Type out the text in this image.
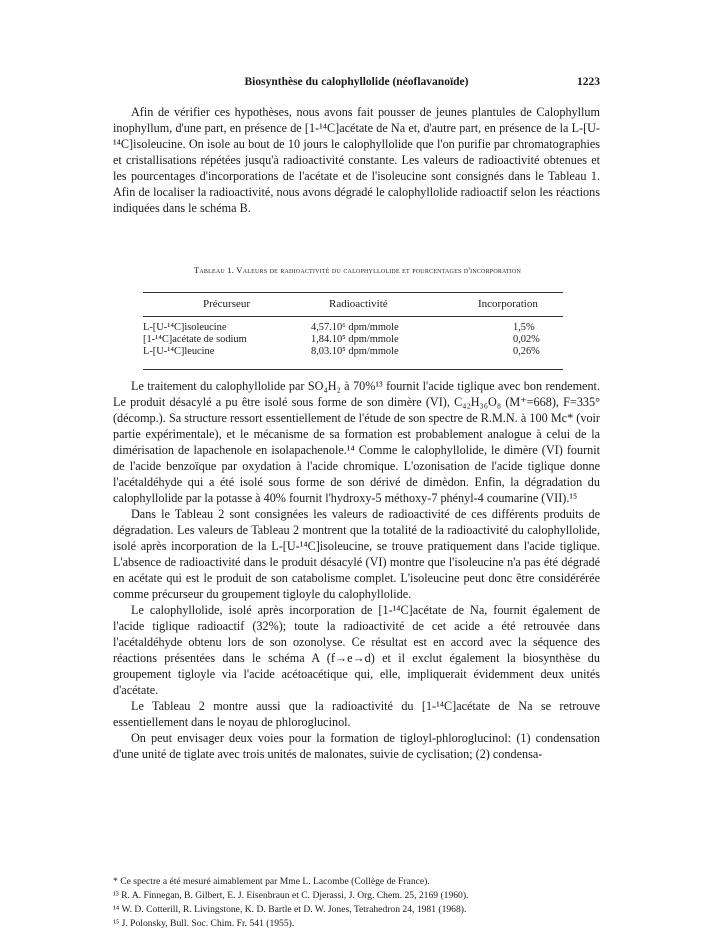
Biosynthèse du calophyllolide (néoflavanoïde)	1223

Afin de vérifier ces hypothèses, nous avons fait pousser de jeunes plantules de Calophyllum inophyllum, d'une part, en présence de [1-¹⁴C]acétate de Na et, d'autre part, en présence de la L-[U-¹⁴C]isoleucine. On isole au bout de 10 jours le calophyllolide que l'on purifie par chromatographies et cristallisations répétées jusqu'à radioactivité constante. Les valeurs de radioactivité obtenues et les pourcentages d'incorporations de l'acétate et de l'isoleucine sont consignés dans le Tableau 1. Afin de localiser la radioactivité, nous avons dégradé le calophyllolide radioactif selon les réactions indiquées dans le schéma B.

Tableau 1. Valeurs de radioactivité du calophyllolide et pourcentages d'incorporation
Précurseur	Radioactivité	Incorporation
L-[U-¹⁴C]isoleucine	4,57.10⁶ dpm/mmole	1,5%
[1-¹⁴C]acétate de sodium	1,84.10⁵ dpm/mmole	0,02%
L-[U-¹⁴C]leucine	8,03.10⁵ dpm/mmole	0,26%

Le traitement du calophyllolide par SO₄H₂ à 70%¹³ fournit l'acide tiglique avec bon rendement. Le produit désacylé a pu être isolé sous forme de son dimère (VI), C₄₂H₃₆O₈ (M⁺=668), F=335° (décomp.). Sa structure ressort essentiellement de l'étude de son spectre de R.M.N. à 100 Mc* (voir partie expérimentale), et le mécanisme de sa formation est probablement analogue à celui de la dimérisation de lapachenole en isolapachenole.¹⁴ Comme le calophyllolide, le dimère (VI) fournit de l'acide benzoïque par oxydation à l'acide chromique. L'ozonisation de l'acide tiglique donne l'acétaldéhyde qui a été isolé sous forme de son dérivé de dimèdon. Enfin, la dégradation du calophyllolide par la potasse à 40% fournit l'hydroxy-5 méthoxy-7 phényl-4 coumarine (VII).¹⁵

Dans le Tableau 2 sont consignées les valeurs de radioactivité de ces différents produits de dégradation. Les valeurs de Tableau 2 montrent que la totalité de la radioactivité du calophyllolide, isolé après incorporation de la L-[U-¹⁴C]isoleucine, se trouve pratiquement dans l'acide tiglique. L'absence de radioactivité dans le produit désacylé (VI) montre que l'isoleucine n'a pas été dégradé en acétate qui est le produit de son catabolisme complet. L'isoleucine peut donc être considérérée comme précurseur du groupement tigloyle du calophyllolide.

Le calophyllolide, isolé après incorporation de [1-¹⁴C]acétate de Na, fournit également de l'acide tiglique radioactif (32%); toute la radioactivité de cet acide a été retrouvée dans l'acétaldéhyde obtenu lors de son ozonolyse. Ce résultat est en accord avec la séquence des réactions présentées dans le schéma A (f→e→d) et il exclut également la biosynthèse du groupement tigloyle via l'acide acétoacétique qui, elle, impliquerait évidemment deux unités d'acétate.

Le Tableau 2 montre aussi que la radioactivité du [1-¹⁴C]acétate de Na se retrouve essentiellement dans le noyau de phloroglucinol.

On peut envisager deux voies pour la formation de tigloyl-phloroglucinol: (1) condensation d'une unité de tiglate avec trois unités de malonates, suivie de cyclisation; (2) condensa-

* Ce spectre a été mesuré aimablement par Mme L. Lacombe (Collège de France).
¹³ R. A. Finnegan, B. Gilbert, E. J. Eisenbraun et C. Djerassi, J. Org. Chem. 25, 2169 (1960).
¹⁴ W. D. Cotterill, R. Livingstone, K. D. Bartle et D. W. Jones, Tetrahedron 24, 1981 (1968).
¹⁵ J. Polonsky, Bull. Soc. Chim. Fr. 541 (1955).
